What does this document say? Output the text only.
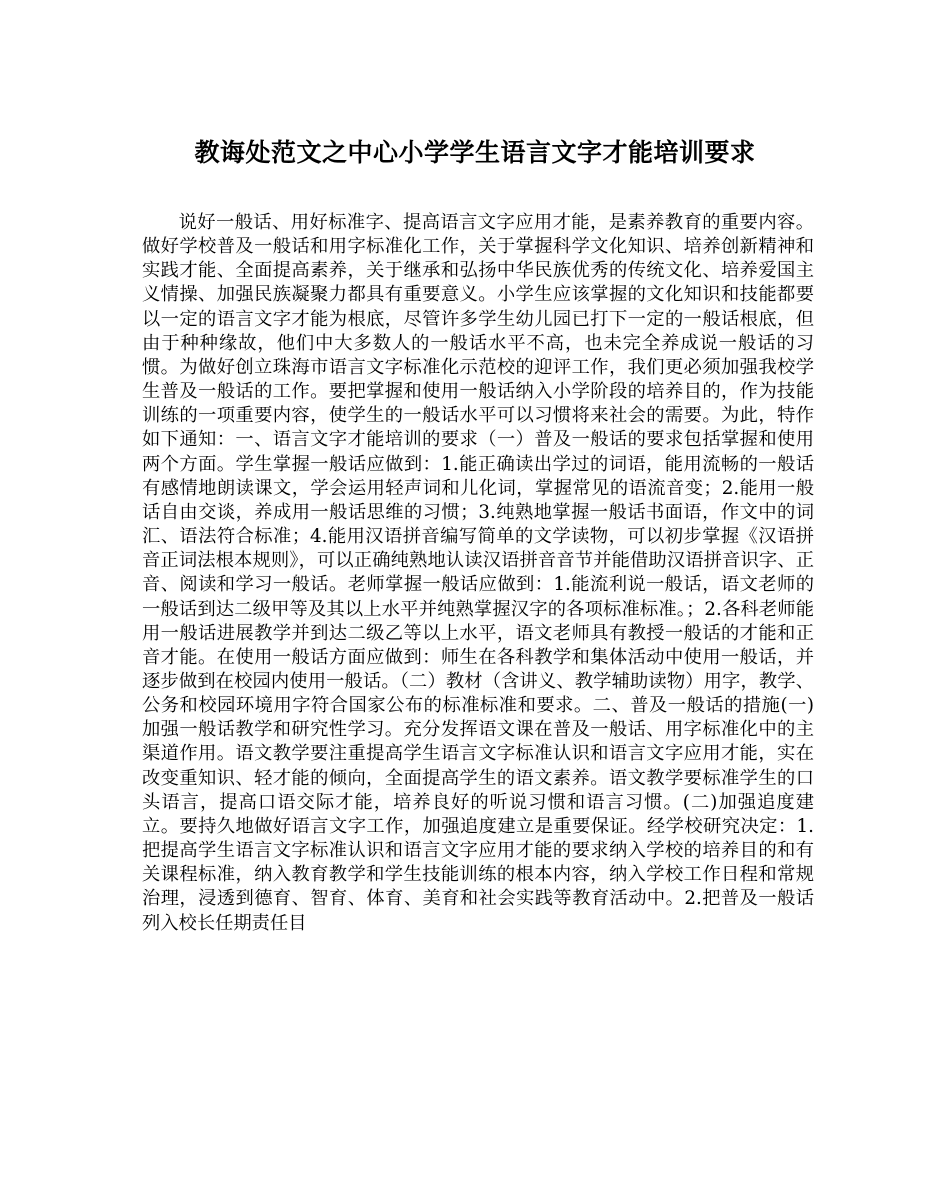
教诲处范文之中心小学学生语言文字才能培训要求

说好一般话、用好标准字、提高语言文字应用才能，是素养教育的重要内容。做好学校普及一般话和用字标准化工作，关于掌握科学文化知识、培养创新精神和实践才能、全面提高素养，关于继承和弘扬中华民族优秀的传统文化、培养爱国主义情操、加强民族凝聚力都具有重要意义。小学生应该掌握的文化知识和技能都要以一定的语言文字才能为根底，尽管许多学生幼儿园已打下一定的一般话根底，但由于种种缘故，他们中大多数人的一般话水平不高，也未完全养成说一般话的习惯。为做好创立珠海市语言文字标准化示范校的迎评工作，我们更必须加强我校学生普及一般话的工作。要把掌握和使用一般话纳入小学阶段的培养目的，作为技能训练的一项重要内容，使学生的一般话水平可以习惯将来社会的需要。为此，特作如下通知：一、语言文字才能培训的要求（一）普及一般话的要求包括掌握和使用两个方面。学生掌握一般话应做到：1.能正确读出学过的词语，能用流畅的一般话有感情地朗读课文，学会运用轻声词和儿化词，掌握常见的语流音变；2.能用一般话自由交谈，养成用一般话思维的习惯；3.纯熟地掌握一般话书面语，作文中的词汇、语法符合标准；4.能用汉语拼音编写简单的文学读物，可以初步掌握《汉语拼音正词法根本规则》，可以正确纯熟地认读汉语拼音音节并能借助汉语拼音识字、正音、阅读和学习一般话。老师掌握一般话应做到：1.能流利说一般话，语文老师的一般话到达二级甲等及其以上水平并纯熟掌握汉字的各项标准标准。；2.各科老师能用一般话进展教学并到达二级乙等以上水平，语文老师具有教授一般话的才能和正音才能。在使用一般话方面应做到：师生在各科教学和集体活动中使用一般话，并逐步做到在校园内使用一般话。（二）教材（含讲义、教学辅助读物）用字，教学、公务和校园环境用字符合国家公布的标准标准和要求。二、普及一般话的措施(一)加强一般话教学和研究性学习。充分发挥语文课在普及一般话、用字标准化中的主渠道作用。语文教学要注重提高学生语言文字标准认识和语言文字应用才能，实在改变重知识、轻才能的倾向，全面提高学生的语文素养。语文教学要标准学生的口头语言，提高口语交际才能，培养良好的听说习惯和语言习惯。(二)加强追度建立。要持久地做好语言文字工作，加强追度建立是重要保证。经学校研究决定：1.把提高学生语言文字标准认识和语言文字应用才能的要求纳入学校的培养目的和有关课程标准，纳入教育教学和学生技能训练的根本内容，纳入学校工作日程和常规治理，浸透到德育、智育、体育、美育和社会实践等教育活动中。2.把普及一般话列入校长任期责任目
